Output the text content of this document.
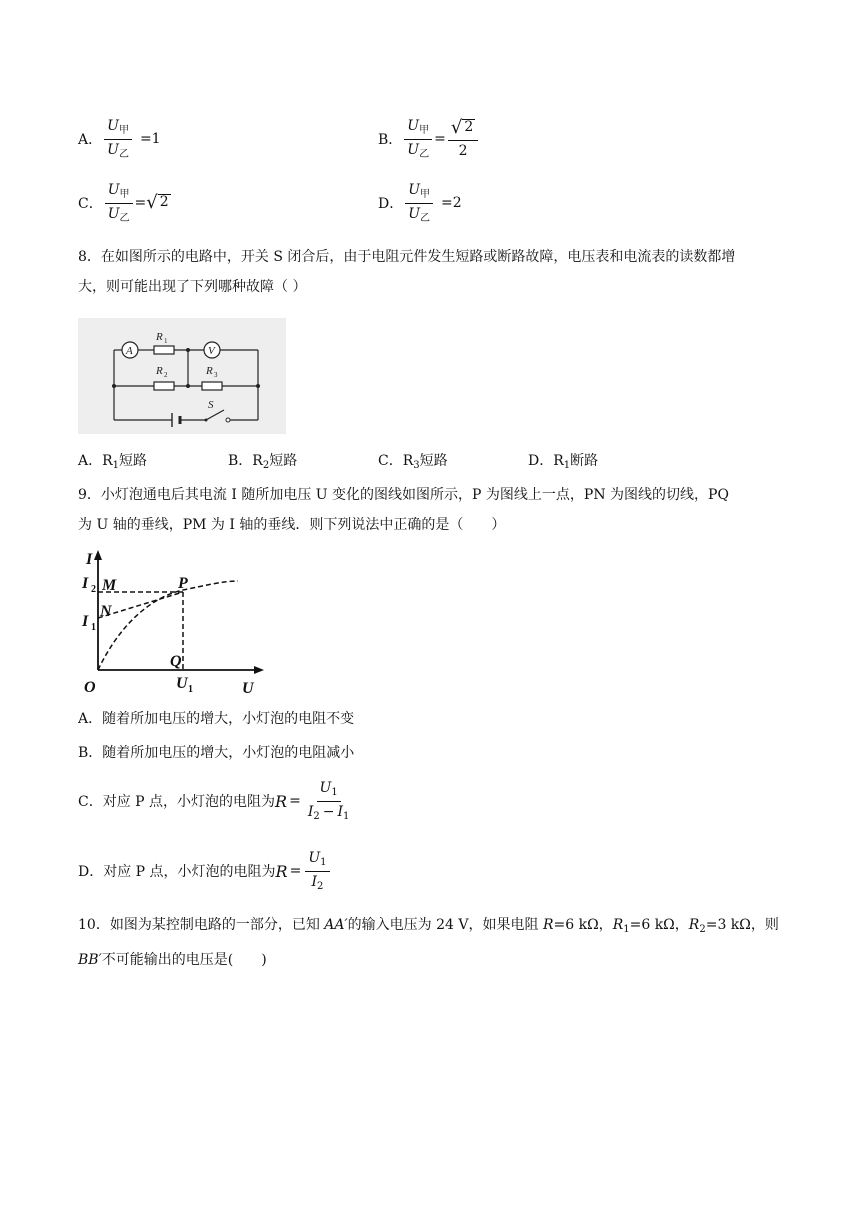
A． $\frac{U_甲}{U_乙} =1$	B． $\frac{U_甲}{U_乙} = \frac{√ 2}{2}$
C． $\frac{U_甲}{U_乙}$ = √ 2	D． $\frac{U_甲}{U_乙} =2$
8．在如图所示的电路中，开关 S 闭合后，由于电阻元件发生短路或断路故障，电压表和电流表的读数都增
大，则可能出现了下列哪种故障（ ）
A	V
R 1
R 2	R 3
S
A．$R_1$短路	B．$R_2$短路	C．$R_3$短路	D．$R_1$断路
9．小灯泡通电后其电流 I 随所加电压 U 变化的图线如图所示，P 为图线上一点，PN 为图线的切线，PQ
为 U 轴的垂线，PM 为 I 轴的垂线．则下列说法中正确的是（　　）
I
U
O
P
M
N
Q
I 2
I 1
U 1
A．随着所加电压的增大，小灯泡的电阻不变
B．随着所加电压的增大，小灯泡的电阻减小
C．对应 P 点，小灯泡的电阻为 $R = \frac{U_1}{I_2 - I_1}$
D．对应 P 点，小灯泡的电阻为 $R = \frac{U_1}{I_2}$
10．如图为某控制电路的一部分，已知 AA′的输入电压为 24 V，如果电阻 R=6 kΩ，$R_1=6$ kΩ，$R_2=3$ kΩ，则
BB′不可能输出的电压是(　　)
